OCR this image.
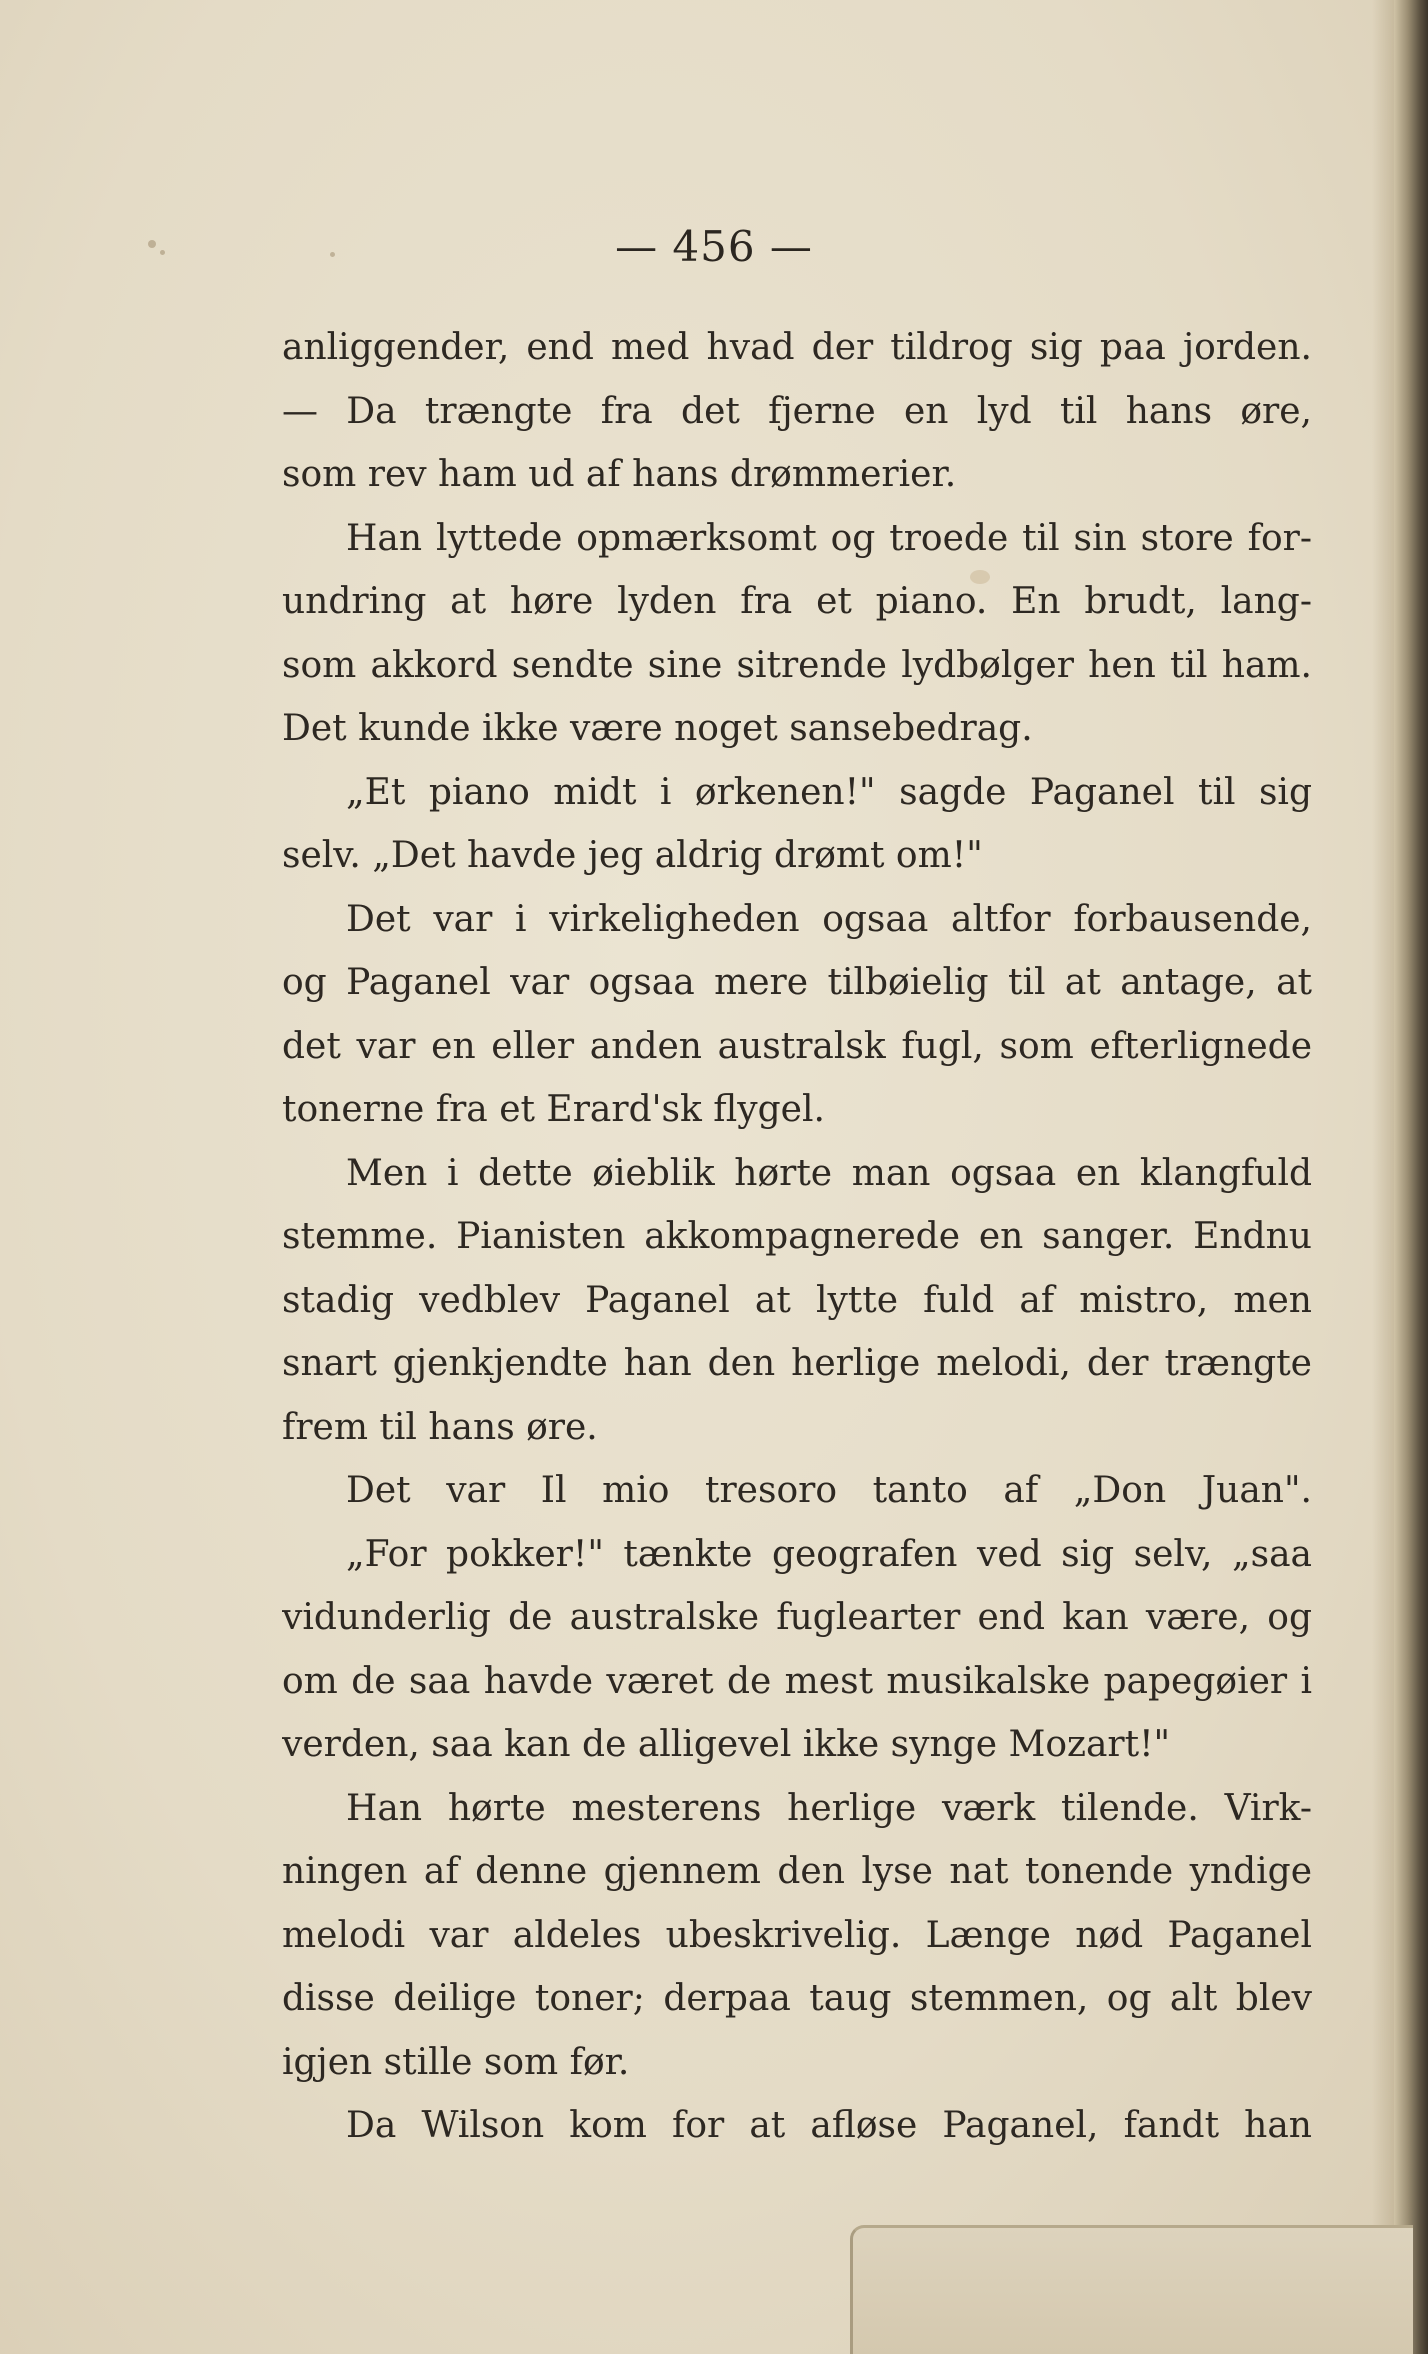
— 456 —
anliggender, end med hvad der tildrog sig paa jorden.
— Da trængte fra det fjerne en lyd til hans øre,
som rev ham ud af hans drømmerier.
Han lyttede opmærksomt og troede til sin store for-
undring at høre lyden fra et piano. En brudt, lang-
som akkord sendte sine sitrende lydbølger hen til ham.
Det kunde ikke være noget sansebedrag.
„Et piano midt i ørkenen!" sagde Paganel til sig
selv. „Det havde jeg aldrig drømt om!"
Det var i virkeligheden ogsaa altfor forbausende,
og Paganel var ogsaa mere tilbøielig til at antage, at
det var en eller anden australsk fugl, som efterlignede
tonerne fra et Erard'sk flygel.
Men i dette øieblik hørte man ogsaa en klangfuld
stemme. Pianisten akkompagnerede en sanger. Endnu
stadig vedblev Paganel at lytte fuld af mistro, men
snart gjenkjendte han den herlige melodi, der trængte
frem til hans øre.
Det var Il mio tresoro tanto af „Don Juan".
„For pokker!" tænkte geografen ved sig selv, „saa
vidunderlig de australske fuglearter end kan være, og
om de saa havde været de mest musikalske papegøier i
verden, saa kan de alligevel ikke synge Mozart!"
Han hørte mesterens herlige værk tilende. Virk-
ningen af denne gjennem den lyse nat tonende yndige
melodi var aldeles ubeskrivelig. Længe nød Paganel
disse deilige toner; derpaa taug stemmen, og alt blev
igjen stille som før.
Da Wilson kom for at afløse Paganel, fandt han
